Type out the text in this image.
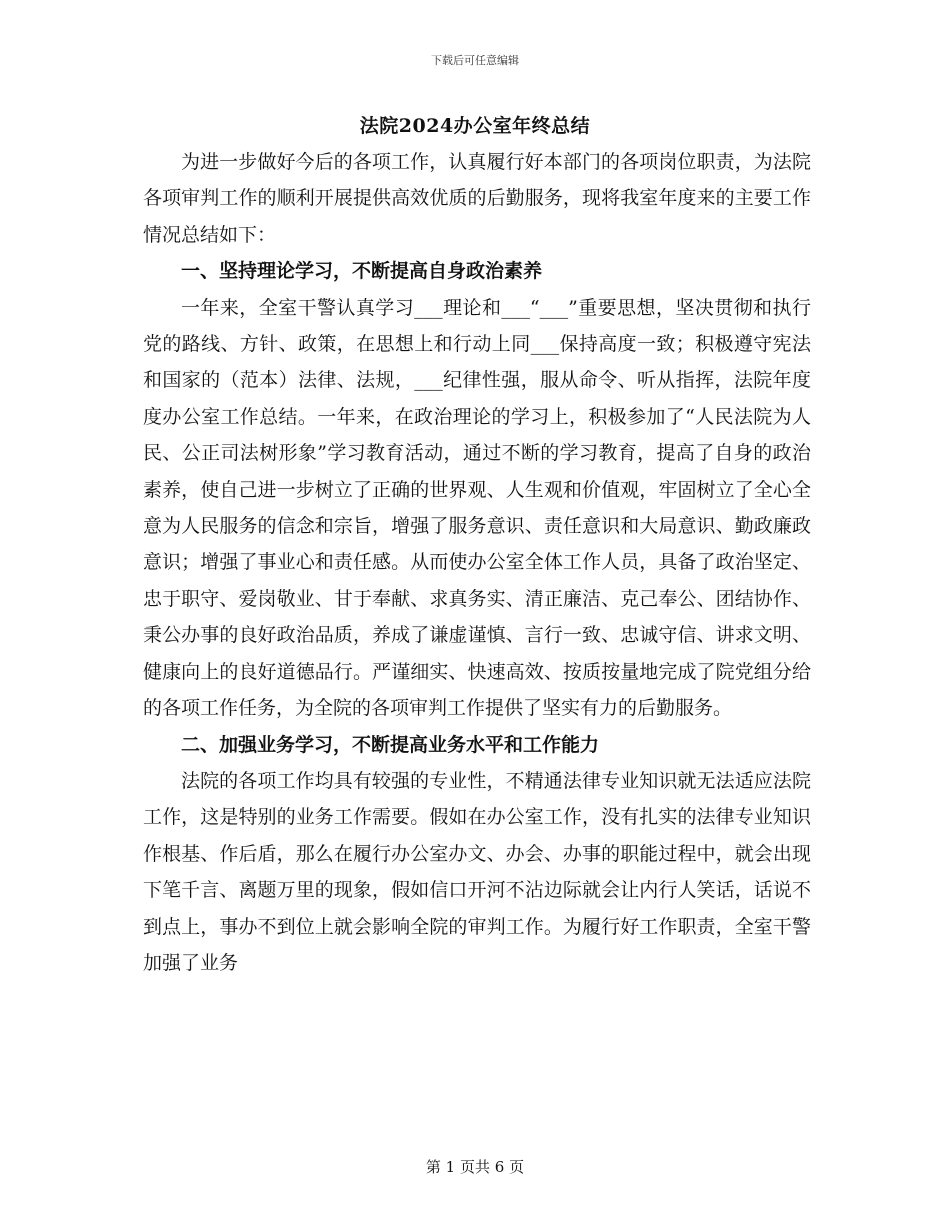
下载后可任意编辑
法院2024办公室年终总结

为进一步做好今后的各项工作，认真履行好本部门的各项岗位职责，为法院各项审判工作的顺利开展提供高效优质的后勤服务，现将我室年度来的主要工作情况总结如下：

一、坚持理论学习，不断提高自身政治素养

一年来，全室干警认真学习___理论和___“___”重要思想，坚决贯彻和执行党的路线、方针、政策，在思想上和行动上同___保持高度一致；积极遵守宪法和国家的（范本）法律、法规，___纪律性强，服从命令、听从指挥，法院年度度办公室工作总结。一年来，在政治理论的学习上，积极参加了“人民法院为人民、公正司法树形象”学习教育活动，通过不断的学习教育，提高了自身的政治素养，使自己进一步树立了正确的世界观、人生观和价值观，牢固树立了全心全意为人民服务的信念和宗旨，增强了服务意识、责任意识和大局意识、勤政廉政意识；增强了事业心和责任感。从而使办公室全体工作人员，具备了政治坚定、忠于职守、爱岗敬业、甘于奉献、求真务实、清正廉洁、克己奉公、团结协作、秉公办事的良好政治品质，养成了谦虚谨慎、言行一致、忠诚守信、讲求文明、健康向上的良好道德品行。严谨细实、快速高效、按质按量地完成了院党组分给的各项工作任务，为全院的各项审判工作提供了坚实有力的后勤服务。

二、加强业务学习，不断提高业务水平和工作能力

法院的各项工作均具有较强的专业性，不精通法律专业知识就无法适应法院工作，这是特别的业务工作需要。假如在办公室工作，没有扎实的法律专业知识作根基、作后盾，那么在履行办公室办文、办会、办事的职能过程中，就会出现下笔千言、离题万里的现象，假如信口开河不沾边际就会让内行人笑话，话说不到点上，事办不到位上就会影响全院的审判工作。为履行好工作职责，全室干警加强了业务

第 1 页共 6 页
